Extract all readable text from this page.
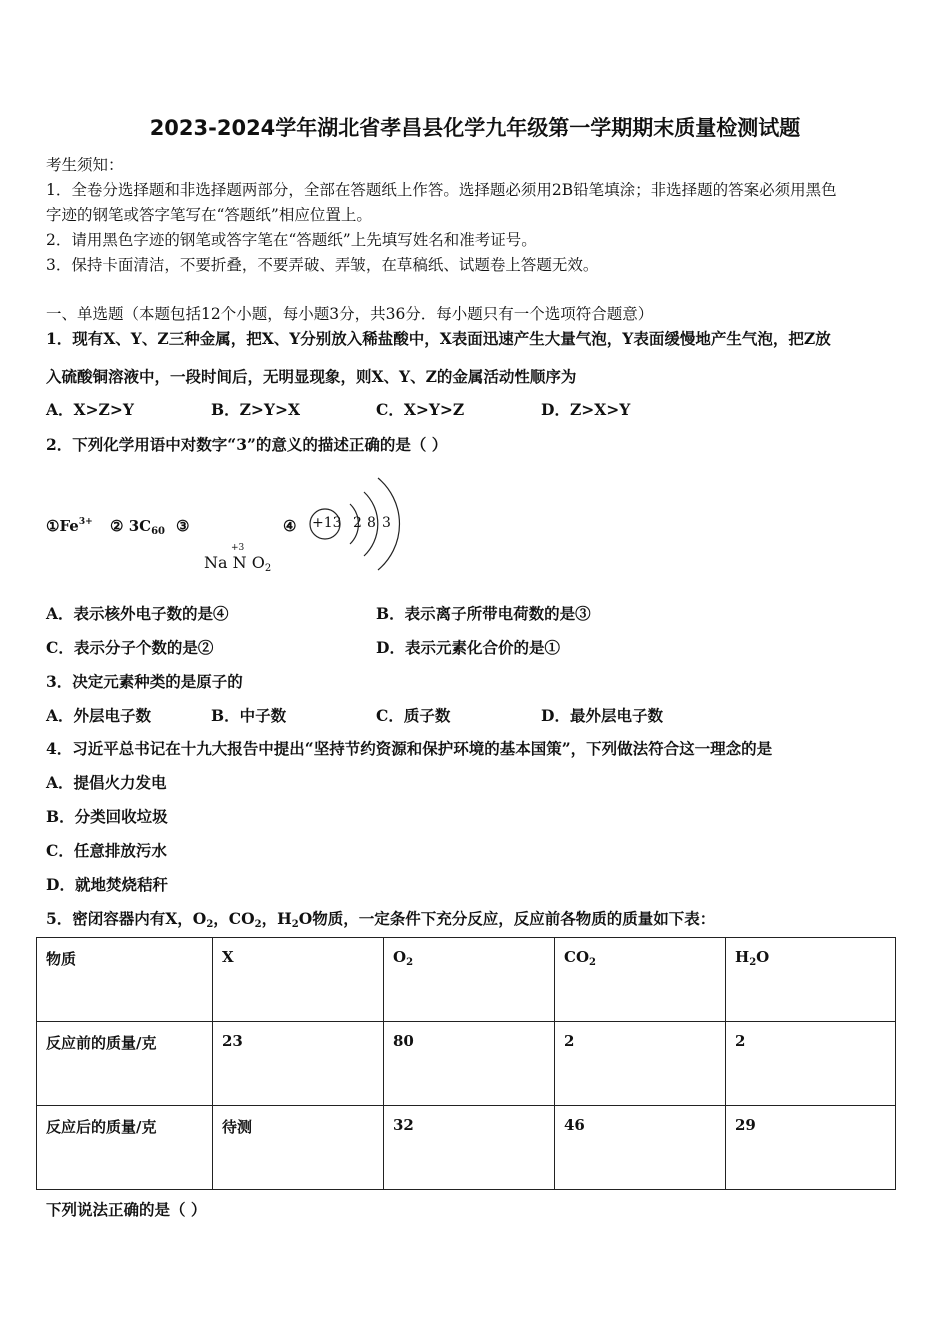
2023-2024学年湖北省孝昌县化学九年级第一学期期末质量检测试题
考生须知：
1．全卷分选择题和非选择题两部分，全部在答题纸上作答。选择题必须用2B铅笔填涂；非选择题的答案必须用黑色
字迹的钢笔或答字笔写在“答题纸”相应位置上。
2．请用黑色字迹的钢笔或答字笔在“答题纸”上先填写姓名和准考证号。
3．保持卡面清洁，不要折叠，不要弄破、弄皱，在草稿纸、试题卷上答题无效。
一、单选题（本题包括12个小题，每小题3分，共36分．每小题只有一个选项符合题意）
1．现有X、Y、Z三种金属，把X、Y分别放入稀盐酸中，X表面迅速产生大量气泡，Y表面缓慢地产生气泡，把Z放
入硫酸铜溶液中，一段时间后，无明显现象，则X、Y、Z的金属活动性顺序为
A．X>Z>Y	B．Z>Y>X	C．X>Y>Z	D．Z>X>Y
2．下列化学用语中对数字“3”的意义的描述正确的是（ ）
$①Fe^{3+}$ ② $3C_{60}$ ③
+3
Na N $O_2$
④ +13 2 8 3
A．表示核外电子数的是④	B．表示离子所带电荷数的是③
C．表示分子个数的是②	D．表示元素化合价的是①
3．决定元素种类的是原子的
A．外层电子数	B．中子数	C．质子数	D．最外层电子数
4．习近平总书记在十九大报告中提出“坚持节约资源和保护环境的基本国策”，下列做法符合这一理念的是
A．提倡火力发电
B．分类回收垃圾
C．任意排放污水
D．就地焚烧秸秆
5．密闭容器内有X，$O_2$，$CO_2$，$H_2O$物质，一定条件下充分反应，反应前各物质的质量如下表：
物质	X	$O_2$	$CO_2$	$H_2O$
反应前的质量/克	23	80	2	2
反应后的质量/克	待测	32	46	29
下列说法正确的是（ ）
